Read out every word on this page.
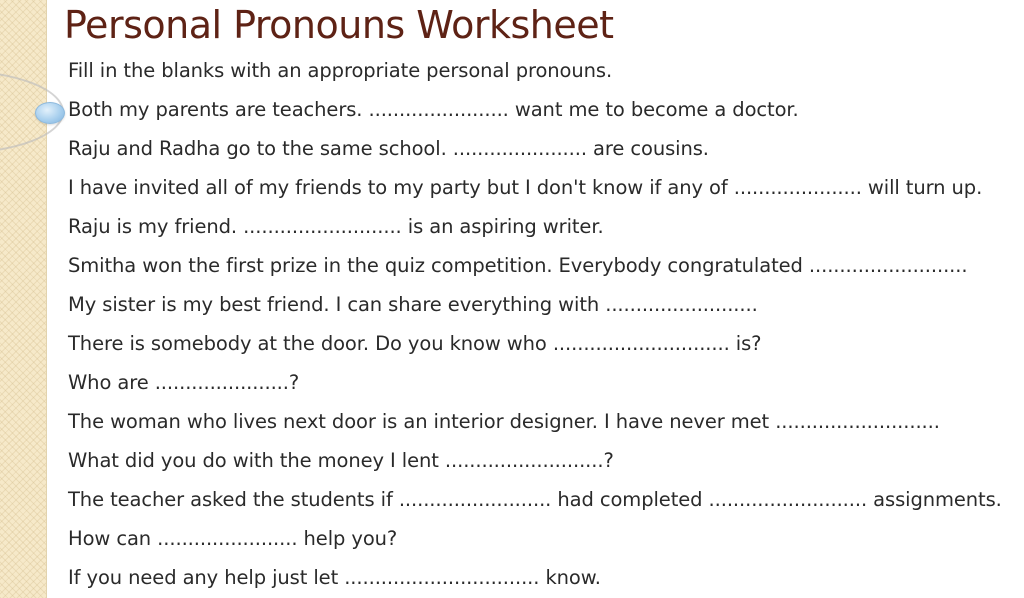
Personal Pronouns Worksheet
Fill in the blanks with an appropriate personal pronouns.
Both my parents are teachers. ....................... want me to become a doctor.
Raju and Radha go to the same school. ...................... are cousins.
I have invited all of my friends to my party but I don't know if any of ..................... will turn up.
Raju is my friend. .......................... is an aspiring writer.
Smitha won the first prize in the quiz competition. Everybody congratulated ..........................
My sister is my best friend. I can share everything with .........................
There is somebody at the door. Do you know who ............................. is?
Who are ......................?
The woman who lives next door is an interior designer. I have never met ...........................
What did you do with the money I lent ..........................?
The teacher asked the students if ......................... had completed .......................... assignments.
How can ....................... help you?
If you need any help just let ................................ know.
